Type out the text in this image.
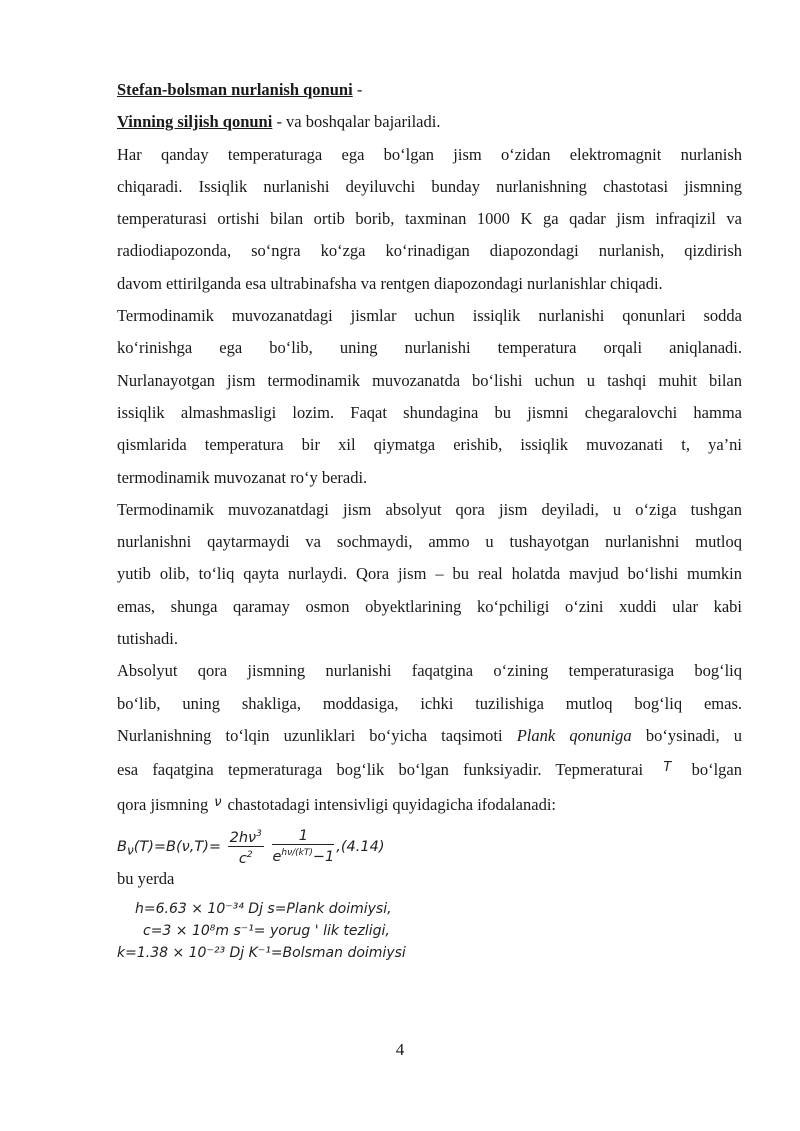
Stefan-bolsman nurlanish qonuni -
Vinning siljish qonuni - va boshqalar bajariladi.
Har qanday temperaturaga ega bo‘lgan jism o‘zidan elektromagnit nurlanish
chiqaradi. Issiqlik nurlanishi deyiluvchi bunday nurlanishning chastotasi jismning
temperaturasi ortishi bilan ortib borib, taxminan 1000 K ga qadar jism infraqizil va
radiodiapozonda, so‘ngra ko‘zga ko‘rinadigan diapozondagi nurlanish, qizdirish
davom ettirilganda esa ultrabinafsha va rentgen diapozondagi nurlanishlar chiqadi.
Termodinamik muvozanatdagi jismlar uchun issiqlik nurlanishi qonunlari sodda
ko‘rinishga ega bo‘lib, uning nurlanishi temperatura orqali aniqlanadi.
Nurlanayotgan jism termodinamik muvozanatda bo‘lishi uchun u tashqi muhit bilan
issiqlik almashmasligi lozim. Faqat shundagina bu jismni chegaralovchi hamma
qismlarida temperatura bir xil qiymatga erishib, issiqlik muvozanati t, ya’ni
termodinamik muvozanat ro‘y beradi.
Termodinamik muvozanatdagi jism absolyut qora jism deyiladi, u o‘ziga tushgan
nurlanishni qaytarmaydi va sochmaydi, ammo u tushayotgan nurlanishni mutloq
yutib olib, to‘liq qayta nurlaydi. Qora jism – bu real holatda mavjud bo‘lishi mumkin
emas, shunga qaramay osmon obyektlarining ko‘pchiligi o‘zini xuddi ular kabi
tutishadi.
Absolyut qora jismning nurlanishi faqatgina o‘zining temperaturasiga bog‘liq
bo‘lib, uning shakliga, moddasiga, ichki tuzilishiga mutloq bog‘liq emas.
Nurlanishning to‘lqin uzunliklari bo‘yicha taqsimoti Plank qonuniga bo‘ysinadi, u
esa faqatgina tepmeraturaga bog‘lik bo‘lgan funksiyadir. Tepmeraturai T bo‘lgan
qora jismning ν chastotadagi intensivligi quyidagicha ifodalanadi:
$B_\nu(T)=B(\nu,T)= \frac{2h\nu^3}{c^2}$
$\frac{1}{e^{h\nu/(kT)}-1} ,(4.14)$
bu yerda
h=6.63 × 10⁻³⁴ Dj s=Plank doimiysi,
c=3 × 10⁸m s⁻¹= yorug ' lik tezligi,
k=1.38 × 10⁻²³ Dj K⁻¹=Bolsman doimiysi
4
